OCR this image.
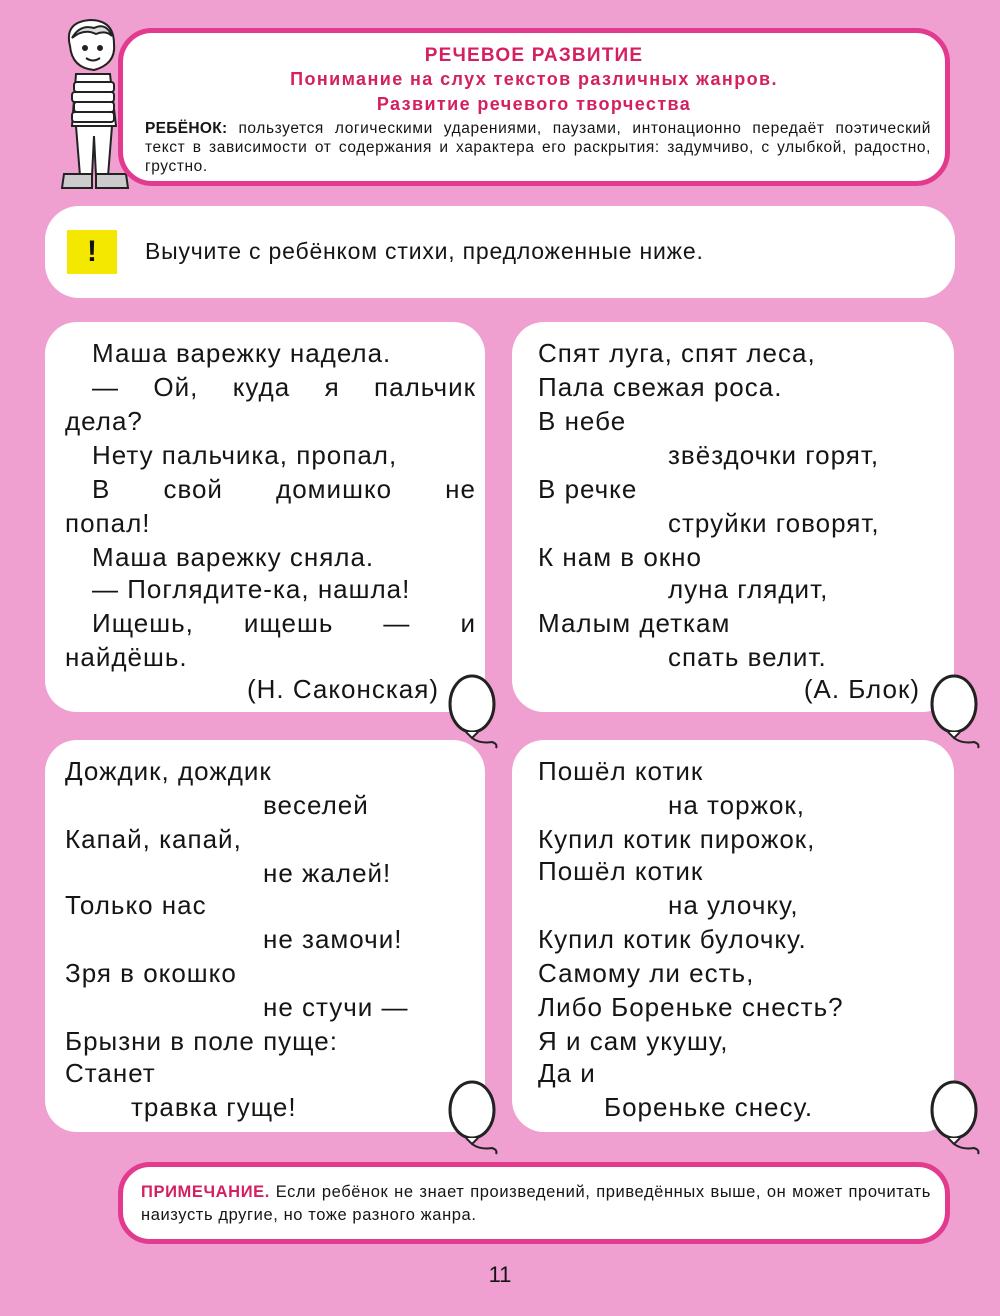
РЕЧЕВОЕ РАЗВИТИЕ
Понимание на слух текстов различных жанров.
Развитие речевого творчества
РЕБЁНОК: пользуется логическими ударениями, паузами, интонационно передаёт поэтический текст в зависимости от содержания и характера его раскрытия: задумчиво, с улыбкой, радостно, грустно.
!	Выучите с ребёнком стихи, предложенные ниже.
Маша варежку надела.
— Ой, куда я пальчик
дела?
Нету пальчика, пропал,
В свой домишко не
попал!
Маша варежку сняла.
— Поглядите-ка, нашла!
Ищешь, ищешь — и
найдёшь.
(Н. Саконская)
Спят луга, спят леса,
Пала свежая роса.
В небе
звёздочки горят,
В речке
струйки говорят,
К нам в окно
луна глядит,
Малым деткам
спать велит.
(А. Блок)
Дождик, дождик
веселей
Капай, капай,
не жалей!
Только нас
не замочи!
Зря в окошко
не стучи —
Брызни в поле пуще:
Станет
травка гуще!
Пошёл котик
на торжок,
Купил котик пирожок,
Пошёл котик
на улочку,
Купил котик булочку.
Самому ли есть,
Либо Бореньке снесть?
Я и сам укушу,
Да и
Бореньке снесу.
ПРИМЕЧАНИЕ. Если ребёнок не знает произведений, приведённых выше, он может прочитать наизусть другие, но тоже разного жанра.
11
